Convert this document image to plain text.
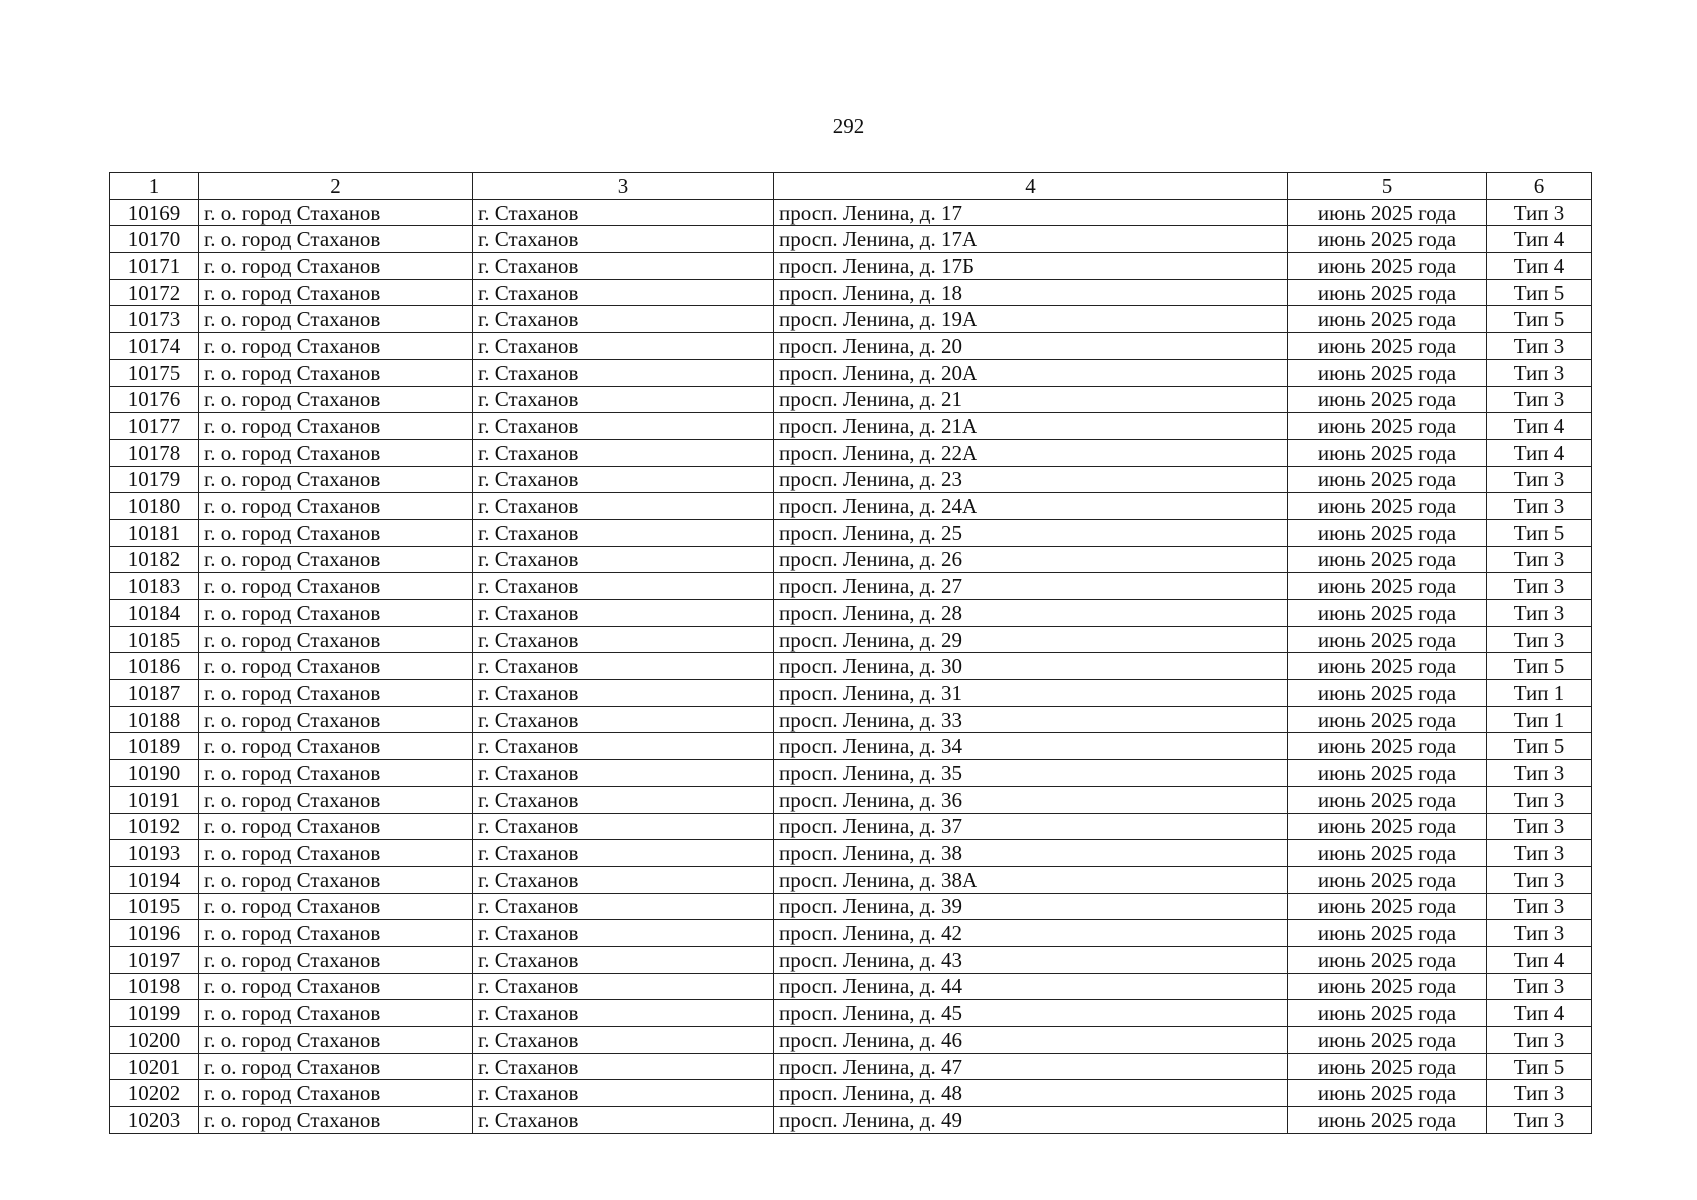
292
1	2	3	4	5	6
10169	г. о. город Стаханов	г. Стаханов	просп. Ленина, д. 17	июнь 2025 года	Тип 3
10170	г. о. город Стаханов	г. Стаханов	просп. Ленина, д. 17А	июнь 2025 года	Тип 4
10171	г. о. город Стаханов	г. Стаханов	просп. Ленина, д. 17Б	июнь 2025 года	Тип 4
10172	г. о. город Стаханов	г. Стаханов	просп. Ленина, д. 18	июнь 2025 года	Тип 5
10173	г. о. город Стаханов	г. Стаханов	просп. Ленина, д. 19А	июнь 2025 года	Тип 5
10174	г. о. город Стаханов	г. Стаханов	просп. Ленина, д. 20	июнь 2025 года	Тип 3
10175	г. о. город Стаханов	г. Стаханов	просп. Ленина, д. 20А	июнь 2025 года	Тип 3
10176	г. о. город Стаханов	г. Стаханов	просп. Ленина, д. 21	июнь 2025 года	Тип 3
10177	г. о. город Стаханов	г. Стаханов	просп. Ленина, д. 21А	июнь 2025 года	Тип 4
10178	г. о. город Стаханов	г. Стаханов	просп. Ленина, д. 22А	июнь 2025 года	Тип 4
10179	г. о. город Стаханов	г. Стаханов	просп. Ленина, д. 23	июнь 2025 года	Тип 3
10180	г. о. город Стаханов	г. Стаханов	просп. Ленина, д. 24А	июнь 2025 года	Тип 3
10181	г. о. город Стаханов	г. Стаханов	просп. Ленина, д. 25	июнь 2025 года	Тип 5
10182	г. о. город Стаханов	г. Стаханов	просп. Ленина, д. 26	июнь 2025 года	Тип 3
10183	г. о. город Стаханов	г. Стаханов	просп. Ленина, д. 27	июнь 2025 года	Тип 3
10184	г. о. город Стаханов	г. Стаханов	просп. Ленина, д. 28	июнь 2025 года	Тип 3
10185	г. о. город Стаханов	г. Стаханов	просп. Ленина, д. 29	июнь 2025 года	Тип 3
10186	г. о. город Стаханов	г. Стаханов	просп. Ленина, д. 30	июнь 2025 года	Тип 5
10187	г. о. город Стаханов	г. Стаханов	просп. Ленина, д. 31	июнь 2025 года	Тип 1
10188	г. о. город Стаханов	г. Стаханов	просп. Ленина, д. 33	июнь 2025 года	Тип 1
10189	г. о. город Стаханов	г. Стаханов	просп. Ленина, д. 34	июнь 2025 года	Тип 5
10190	г. о. город Стаханов	г. Стаханов	просп. Ленина, д. 35	июнь 2025 года	Тип 3
10191	г. о. город Стаханов	г. Стаханов	просп. Ленина, д. 36	июнь 2025 года	Тип 3
10192	г. о. город Стаханов	г. Стаханов	просп. Ленина, д. 37	июнь 2025 года	Тип 3
10193	г. о. город Стаханов	г. Стаханов	просп. Ленина, д. 38	июнь 2025 года	Тип 3
10194	г. о. город Стаханов	г. Стаханов	просп. Ленина, д. 38А	июнь 2025 года	Тип 3
10195	г. о. город Стаханов	г. Стаханов	просп. Ленина, д. 39	июнь 2025 года	Тип 3
10196	г. о. город Стаханов	г. Стаханов	просп. Ленина, д. 42	июнь 2025 года	Тип 3
10197	г. о. город Стаханов	г. Стаханов	просп. Ленина, д. 43	июнь 2025 года	Тип 4
10198	г. о. город Стаханов	г. Стаханов	просп. Ленина, д. 44	июнь 2025 года	Тип 3
10199	г. о. город Стаханов	г. Стаханов	просп. Ленина, д. 45	июнь 2025 года	Тип 4
10200	г. о. город Стаханов	г. Стаханов	просп. Ленина, д. 46	июнь 2025 года	Тип 3
10201	г. о. город Стаханов	г. Стаханов	просп. Ленина, д. 47	июнь 2025 года	Тип 5
10202	г. о. город Стаханов	г. Стаханов	просп. Ленина, д. 48	июнь 2025 года	Тип 3
10203	г. о. город Стаханов	г. Стаханов	просп. Ленина, д. 49	июнь 2025 года	Тип 3
